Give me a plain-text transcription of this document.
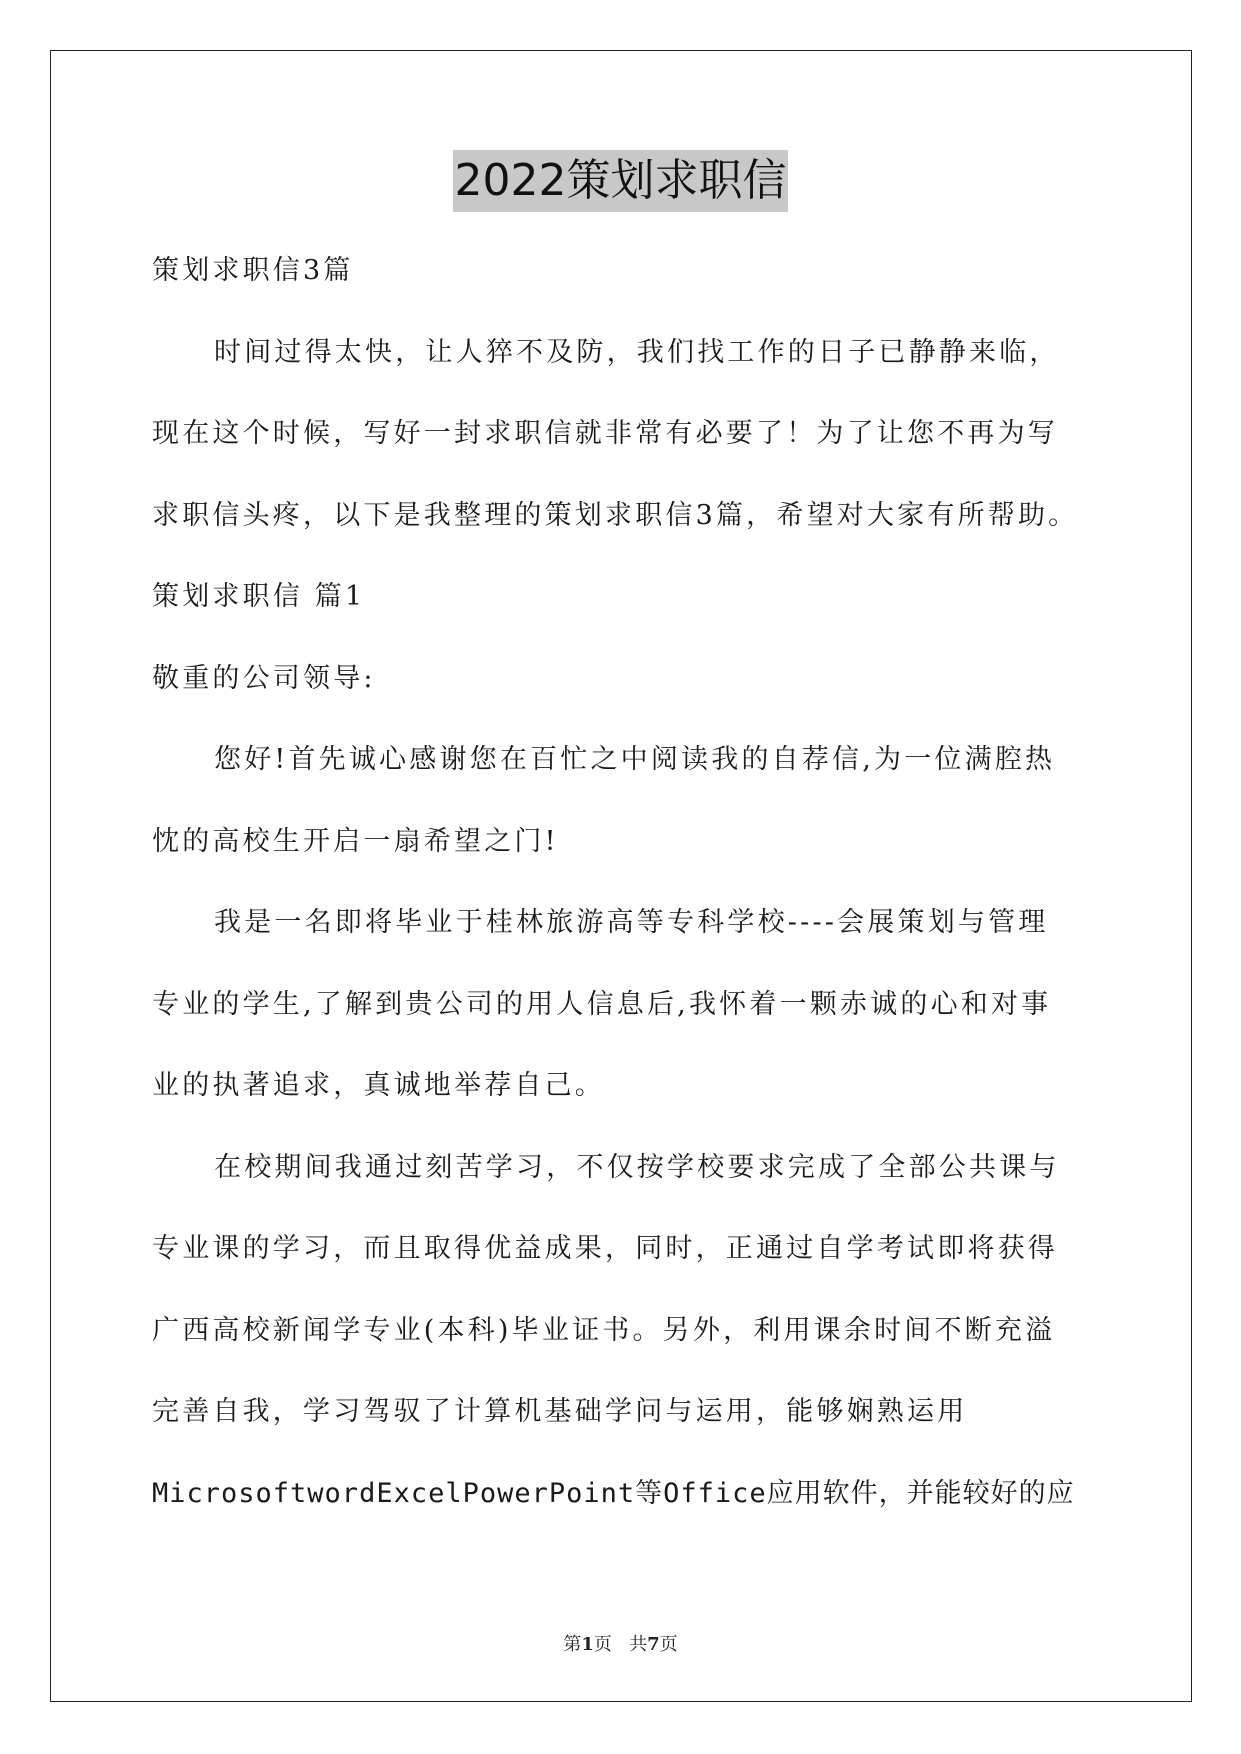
2022策划求职信
策划求职信3篇
时间过得太快，让人猝不及防，我们找工作的日子已静静来临，
现在这个时候，写好一封求职信就非常有必要了！为了让您不再为写
求职信头疼，以下是我整理的策划求职信3篇，希望对大家有所帮助。
策划求职信 篇1
敬重的公司领导:
您好!首先诚心感谢您在百忙之中阅读我的自荐信,为一位满腔热
忱的高校生开启一扇希望之门!
我是一名即将毕业于桂林旅游高等专科学校----会展策划与管理
专业的学生,了解到贵公司的用人信息后,我怀着一颗赤诚的心和对事
业的执著追求，真诚地举荐自己。
在校期间我通过刻苦学习，不仅按学校要求完成了全部公共课与
专业课的学习，而且取得优益成果，同时，正通过自学考试即将获得
广西高校新闻学专业(本科)毕业证书。另外，利用课余时间不断充溢
完善自我，学习驾驭了计算机基础学问与运用，能够娴熟运用
MicrosoftwordExcelPowerPoint等Office应用软件，并能较好的应
第1页 共7页
